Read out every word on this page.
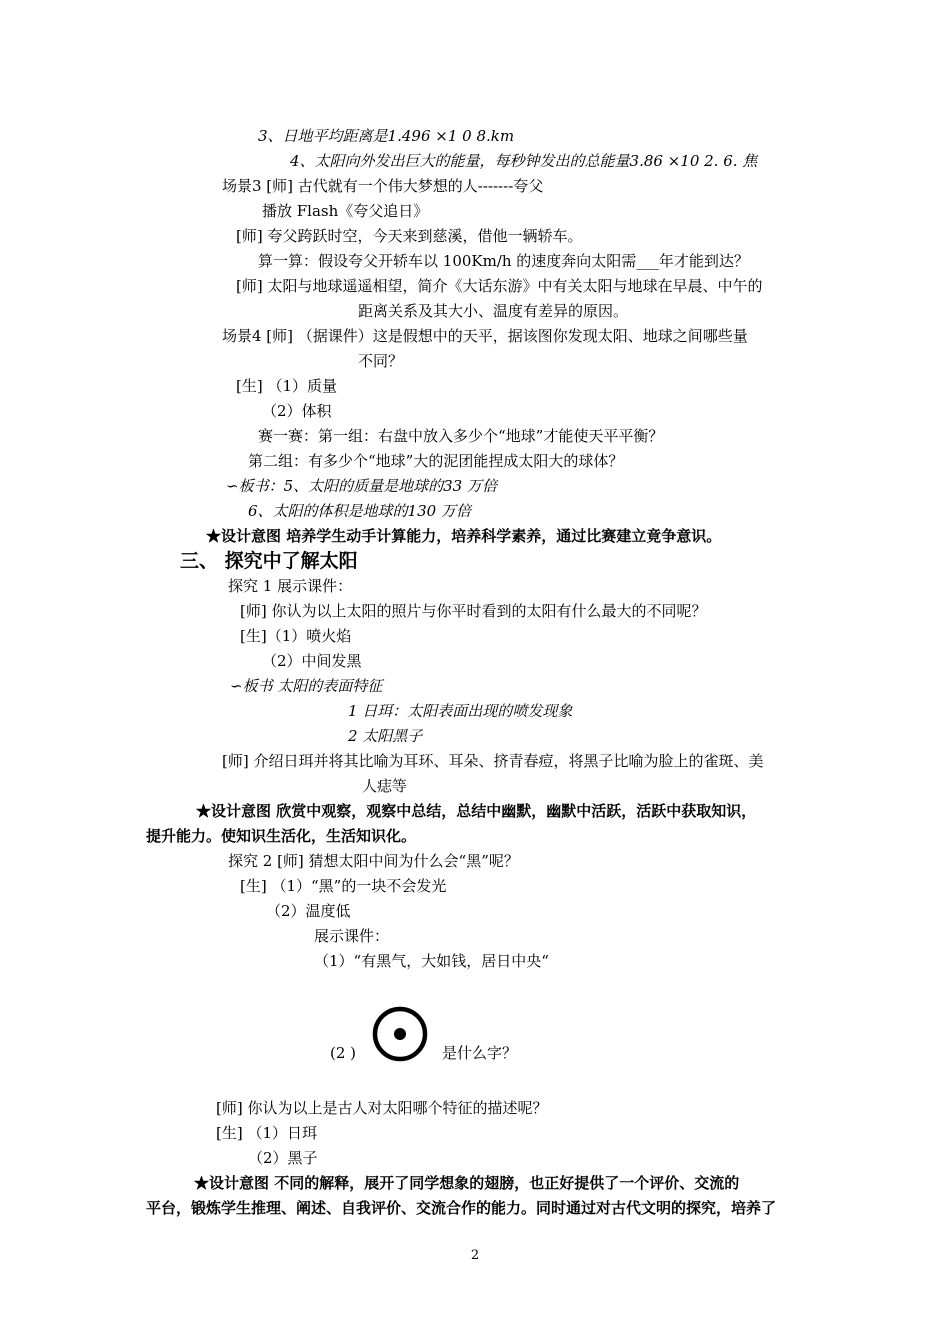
3、日地平均距离是1.496 ×1 0 8.km
4、太阳向外发出巨大的能量，每秒钟发出的总能量3.86 ×10 2. 6. 焦
场景3 [师] 古代就有一个伟大梦想的人-------夸父
播放 Flash《夸父追日》
[师] 夸父跨跃时空，今天来到慈溪，借他一辆轿车。
算一算：假设夸父开轿车以 100Km/h 的速度奔向太阳需___年才能到达？
[师] 太阳与地球遥遥相望，简介《大话东游》中有关太阳与地球在早晨、中午的
距离关系及其大小、温度有差异的原因。
场景4 [师] （据课件）这是假想中的天平，据该图你发现太阳、地球之间哪些量
不同？
[生] （1）质量
（2）体积
赛一赛：第一组：右盘中放入多少个“地球”才能使天平平衡？
第二组：有多少个“地球”大的泥团能捏成太阳大的球体？
∽板书：5、太阳的质量是地球的33 万倍
6、太阳的体积是地球的130 万倍
★设计意图 培养学生动手计算能力，培养科学素养，通过比赛建立竟争意识。
三、 探究中了解太阳
探究 1 展示课件：
[师] 你认为以上太阳的照片与你平时看到的太阳有什么最大的不同呢？
[生]（1）喷火焰
（2）中间发黑
∽板书 太阳的表面特征
1 日珥：太阳表面出现的喷发现象
2 太阳黑子
[师] 介绍日珥并将其比喻为耳环、耳朵、挤青春痘，将黑子比喻为脸上的雀斑、美
人痣等
★设计意图 欣赏中观察，观察中总结，总结中幽默，幽默中活跃，活跃中获取知识，
提升能力。使知识生活化，生活知识化。
探究 2 [师] 猜想太阳中间为什么会“黑”呢？
[生] （1）“黑”的一块不会发光
（2）温度低
展示课件：
（1）“有黑气，大如钱，居日中央“
(2 )	是什么字？
[师] 你认为以上是古人对太阳哪个特征的描述呢？
[生] （1）日珥
（2）黑子
★设计意图 不同的解释，展开了同学想象的翅膀，也正好提供了一个评价、交流的
平台，锻炼学生推理、阐述、自我评价、交流合作的能力。同时通过对古代文明的探究，培养了
2
